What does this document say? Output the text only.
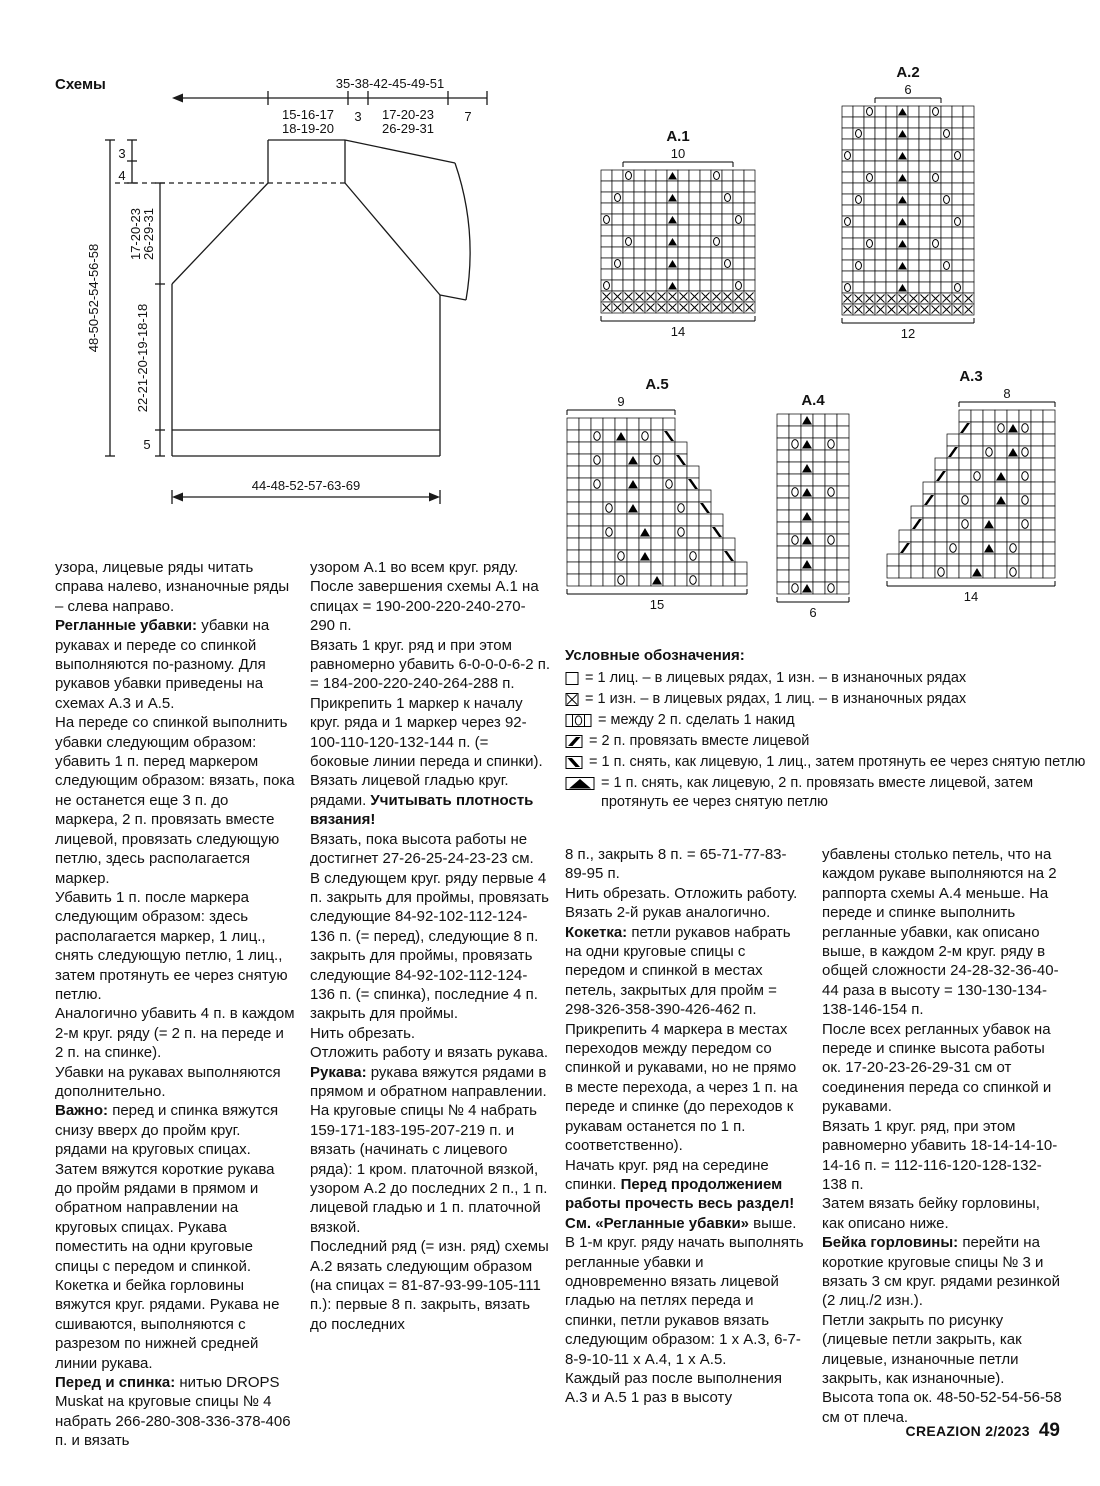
Схемы	35-38-42-45-49-51
15-16-17
18-19-20
3 17-20-23
26-29-31
7
3
4
48-50-52-54-56-58
17-20-23
26-29-31
22-21-20-19-18-18
5
44-48-52-57-63-69
A.1
10
14
A.2
6
12
A.5
9
15
A.4
6
A.3
8
14
Условные обозначения:
= 1 лиц. – в лицевых рядах, 1 изн. – в изнаночных рядах
= 1 изн. – в лицевых рядах, 1 лиц. – в изнаночных рядах
= между 2 п. сделать 1 накид
= 2 п. провязать вместе лицевой
= 1 п. снять, как лицевую, 1 лиц., затем протянуть ее через снятую петлю
= 1 п. снять, как лицевую, 2 п. провязать вместе лицевой, затем протянуть ее через снятую петлю
узора, лицевые ряды читать справа налево, изнаночные ряды – слева направо.
Регланные убавки: убавки на рукавах и переде со спинкой выполняются по-разному. Для рукавов убавки приведены на схемах А.3 и А.5.
На переде со спинкой выполнить убавки следующим образом: убавить 1 п. перед маркером следующим образом: вязать, пока не останется еще 3 п. до маркера, 2 п. провязать вместе лицевой, провязать следующую петлю, здесь располагается маркер.
Убавить 1 п. после маркера следующим образом: здесь располагается маркер, 1 лиц., снять следующую петлю, 1 лиц., затем протянуть ее через снятую петлю.
Аналогично убавить 4 п. в каждом 2-м круг. ряду (= 2 п. на переде и 2 п. на спинке).
Убавки на рукавах выполняются дополнительно.
Важно: перед и спинка вяжутся снизу вверх до пройм круг. рядами на круговых спицах. Затем вяжутся короткие рукава до пройм рядами в прямом и обратном направлении на круговых спицах. Рукава поместить на одни круговые спицы с передом и спинкой. Кокетка и бейка горловины вяжутся круг. рядами. Рукава не сшиваются, выполняются с разрезом по нижней средней линии рукава.
Перед и спинка: нитью DROPS Muskat на круговые спицы № 4 набрать 266-280-308-336-378-406 п. и вязать
узором А.1 во всем круг. ряду.
После завершения схемы А.1 на спицах = 190-200-220-240-270-290 п.
Вязать 1 круг. ряд и при этом равномерно убавить 6-0-0-0-6-2 п. = 184-200-220-240-264-288 п.
Прикрепить 1 маркер к началу круг. ряда и 1 маркер через 92-100-110-120-132-144 п. (= боковые линии переда и спинки).
Вязать лицевой гладью круг. рядами. Учитывать плотность вязания!
Вязать, пока высота работы не достигнет 27-26-25-24-23-23 см.
В следующем круг. ряду первые 4 п. закрыть для проймы, провязать следующие 84-92-102-112-124-136 п. (= перед), следующие 8 п. закрыть для проймы, провязать следующие 84-92-102-112-124-136 п. (= спинка), последние 4 п. закрыть для проймы.
Нить обрезать.
Отложить работу и вязать рукава.
Рукава: рукава вяжутся рядами в прямом и обратном направлении.
На круговые спицы № 4 набрать 159-171-183-195-207-219 п. и вязать (начинать с лицевого ряда): 1 кром. платочной вязкой, узором А.2 до последних 2 п., 1 п. лицевой гладью и 1 п. платочной вязкой.
Последний ряд (= изн. ряд) схемы А.2 вязать следующим образом (на спицах = 81-87-93-99-105-111 п.): первые 8 п. закрыть, вязать до последних
8 п., закрыть 8 п. = 65-71-77-83-89-95 п.
Нить обрезать. Отложить работу.
Вязать 2-й рукав аналогично.
Кокетка: петли рукавов набрать на одни круговые спицы с передом и спинкой в местах петель, закрытых для пройм = 298-326-358-390-426-462 п.
Прикрепить 4 маркера в местах переходов между передом со спинкой и рукавами, но не прямо в месте перехода, а через 1 п. на переде и спинке (до переходов к рукавам останется по 1 п. соответственно).
Начать круг. ряд на середине спинки. Перед продолжением работы прочесть весь раздел!
См. «Регланные убавки» выше. В 1-м круг. ряду начать выполнять регланные убавки и одновременно вязать лицевой гладью на петлях переда и спинки, петли рукавов вязать следующим образом: 1 х А.3, 6-7-8-9-10-11 х А.4, 1 х А.5.
Каждый раз после выполнения А.3 и А.5 1 раз в высоту
убавлены столько петель, что на каждом рукаве выполняются на 2 раппорта схемы А.4 меньше. На переде и спинке выполнить регланные убавки, как описано выше, в каждом 2-м круг. ряду в общей сложности 24-28-32-36-40-44 раза в высоту = 130-130-134-138-146-154 п.
После всех регланных убавок на переде и спинке высота работы ок. 17-20-23-26-29-31 см от соединения переда со спинкой и рукавами.
Вязать 1 круг. ряд, при этом равномерно убавить 18-14-14-10-14-16 п. = 112-116-120-128-132-138 п.
Затем вязать бейку горловины, как описано ниже.
Бейка горловины: перейти на короткие круговые спицы № 3 и вязать 3 см круг. рядами резинкой (2 лиц./2 изн.).
Петли закрыть по рисунку (лицевые петли закрыть, как лицевые, изнаночные петли закрыть, как изнаночные).
Высота топа ок. 48-50-52-54-56-58 см от плеча.
CREAZION 2/2023 49
